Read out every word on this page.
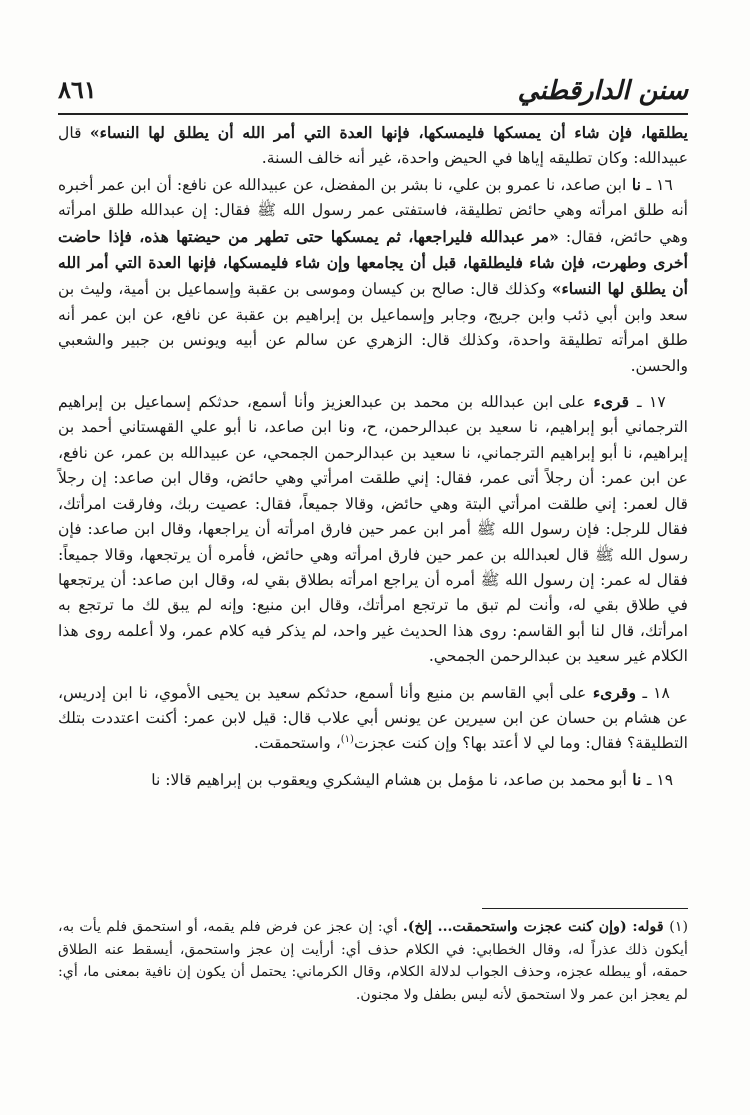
٨٦١	سنن الدارقطني

يطلقها، فإن شاء أن يمسكها فليمسكها، فإنها العدة التي أمر الله أن يطلق لها النساء» قال عبيدالله: وكان تطليقه إياها في الحيض واحدة، غير أنه خالف السنة.

١٦ ـ نا ابن صاعد، نا عمرو بن علي، نا بشر بن المفضل، عن عبيدالله عن نافع: أن ابن عمر أخبره أنه طلق امرأته وهي حائض تطليقة، فاستفتى عمر رسول الله ﷺ فقال: إن عبدالله طلق امرأته وهي حائض، فقال: «مر عبدالله فليراجعها، ثم يمسكها حتى تطهر من حيضتها هذه، فإذا حاضت أخرى وطهرت، فإن شاء فليطلقها، قبل أن يجامعها وإن شاء فليمسكها، فإنها العدة التي أمر الله أن يطلق لها النساء» وكذلك قال: صالح بن كيسان وموسى بن عقبة وإسماعيل بن أمية، وليث بن سعد وابن أبي ذئب وابن جريج، وجابر وإسماعيل بن إبراهيم بن عقبة عن نافع، عن ابن عمر أنه طلق امرأته تطليقة واحدة، وكذلك قال: الزهري عن سالم عن أبيه ويونس بن جبير والشعبي والحسن.

١٧ ـ قرىء على ابن عبدالله بن محمد بن عبدالعزيز وأنا أسمع، حدثكم إسماعيل بن إبراهيم الترجماني أبو إبراهيم، نا سعيد بن عبدالرحمن، ح، ونا ابن صاعد، نا أبو علي القهستاني أحمد بن إبراهيم، نا أبو إبراهيم الترجماني، نا سعيد بن عبدالرحمن الجمحي، عن عبيدالله بن عمر، عن نافع، عن ابن عمر: أن رجلاً أتى عمر، فقال: إني طلقت امرأتي وهي حائض، وقال ابن صاعد: إن رجلاً قال لعمر: إني طلقت امرأتي البتة وهي حائض، وقالا جميعاً، فقال: عصيت ربك، وفارقت امرأتك، فقال للرجل: فإن رسول الله ﷺ أمر ابن عمر حين فارق امرأته أن يراجعها، وقال ابن صاعد: فإن رسول الله ﷺ قال لعبدالله بن عمر حين فارق امرأته وهي حائض، فأمره أن يرتجعها، وقالا جميعاً: فقال له عمر: إن رسول الله ﷺ أمره أن يراجع امرأته بطلاق بقي له، وقال ابن صاعد: أن يرتجعها في طلاق بقي له، وأنت لم تبق ما ترتجع امرأتك، وقال ابن منيع: وإنه لم يبق لك ما ترتجع به امرأتك، قال لنا أبو القاسم: روى هذا الحديث غير واحد، لم يذكر فيه كلام عمر، ولا أعلمه روى هذا الكلام غير سعيد بن عبدالرحمن الجمحي.

١٨ ـ وقرىء على أبي القاسم بن منيع وأنا أسمع، حدثكم سعيد بن يحيى الأموي، نا ابن إدريس، عن هشام بن حسان عن ابن سيرين عن يونس أبي علاب قال: قيل لابن عمر: أكنت اعتددت بتلك التطليقة؟ فقال: وما لي لا أعتد بها؟ وإن كنت عجزت$^{(١)}$، واستحمقت.

١٩ ـ نا أبو محمد بن صاعد، نا مؤمل بن هشام اليشكري ويعقوب بن إبراهيم قالا: نا

(١) قوله: (وإن كنت عجزت واستحمقت... إلخ). أي: إن عجز عن فرض فلم يقمه، أو استحمق فلم يأت به، أيكون ذلك عذراً له، وقال الخطابي: في الكلام حذف أي: أرأيت إن عجز واستحمق، أيسقط عنه الطلاق حمقه، أو يبطله عجزه، وحذف الجواب لدلالة الكلام، وقال الكرماني: يحتمل أن يكون إن نافية بمعنى ما، أي: لم يعجز ابن عمر ولا استحمق لأنه ليس بطفل ولا مجنون.
